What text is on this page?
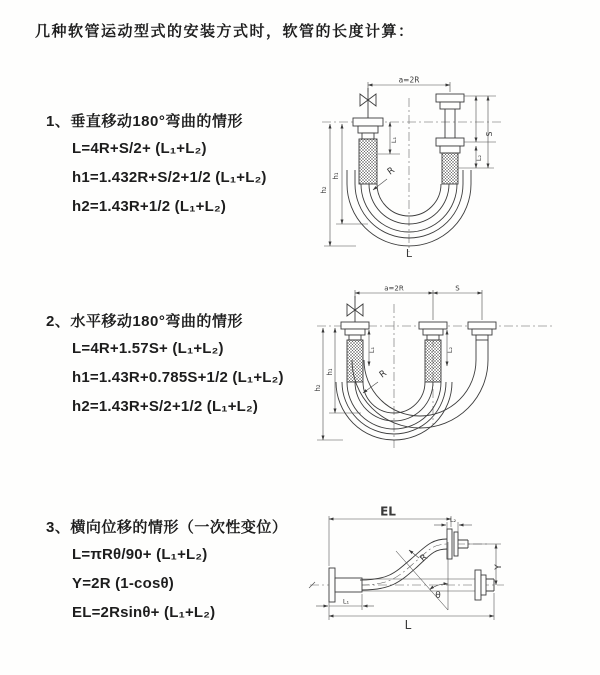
几种软管运动型式的安装方式时，软管的长度计算：
1、垂直移动180°弯曲的情形

L=4R+S/2+ (L₁+L₂)

h1=1.432R+S/2+1/2 (L₁+L₂)

h2=1.43R+1/2 (L₁+L₂)

a=2R
h₁
h₂
L₁
S
L₂
R
L
2、水平移动180°弯曲的情形

L=4R+1.57S+ (L₁+L₂)

h1=1.43R+0.785S+1/2 (L₁+L₂)

h2=1.43R+S/2+1/2 (L₁+L₂)

a=2R	S
h₁
h₂
L₁	L₂
R
3、横向位移的情形（一次性变位）

L=πRθ/90+ (L₁+L₂)

Y=2R (1-cosθ)

EL=2Rsinθ+ (L₁+L₂)

EL
L₂
Y
L
L₁
R
θ
